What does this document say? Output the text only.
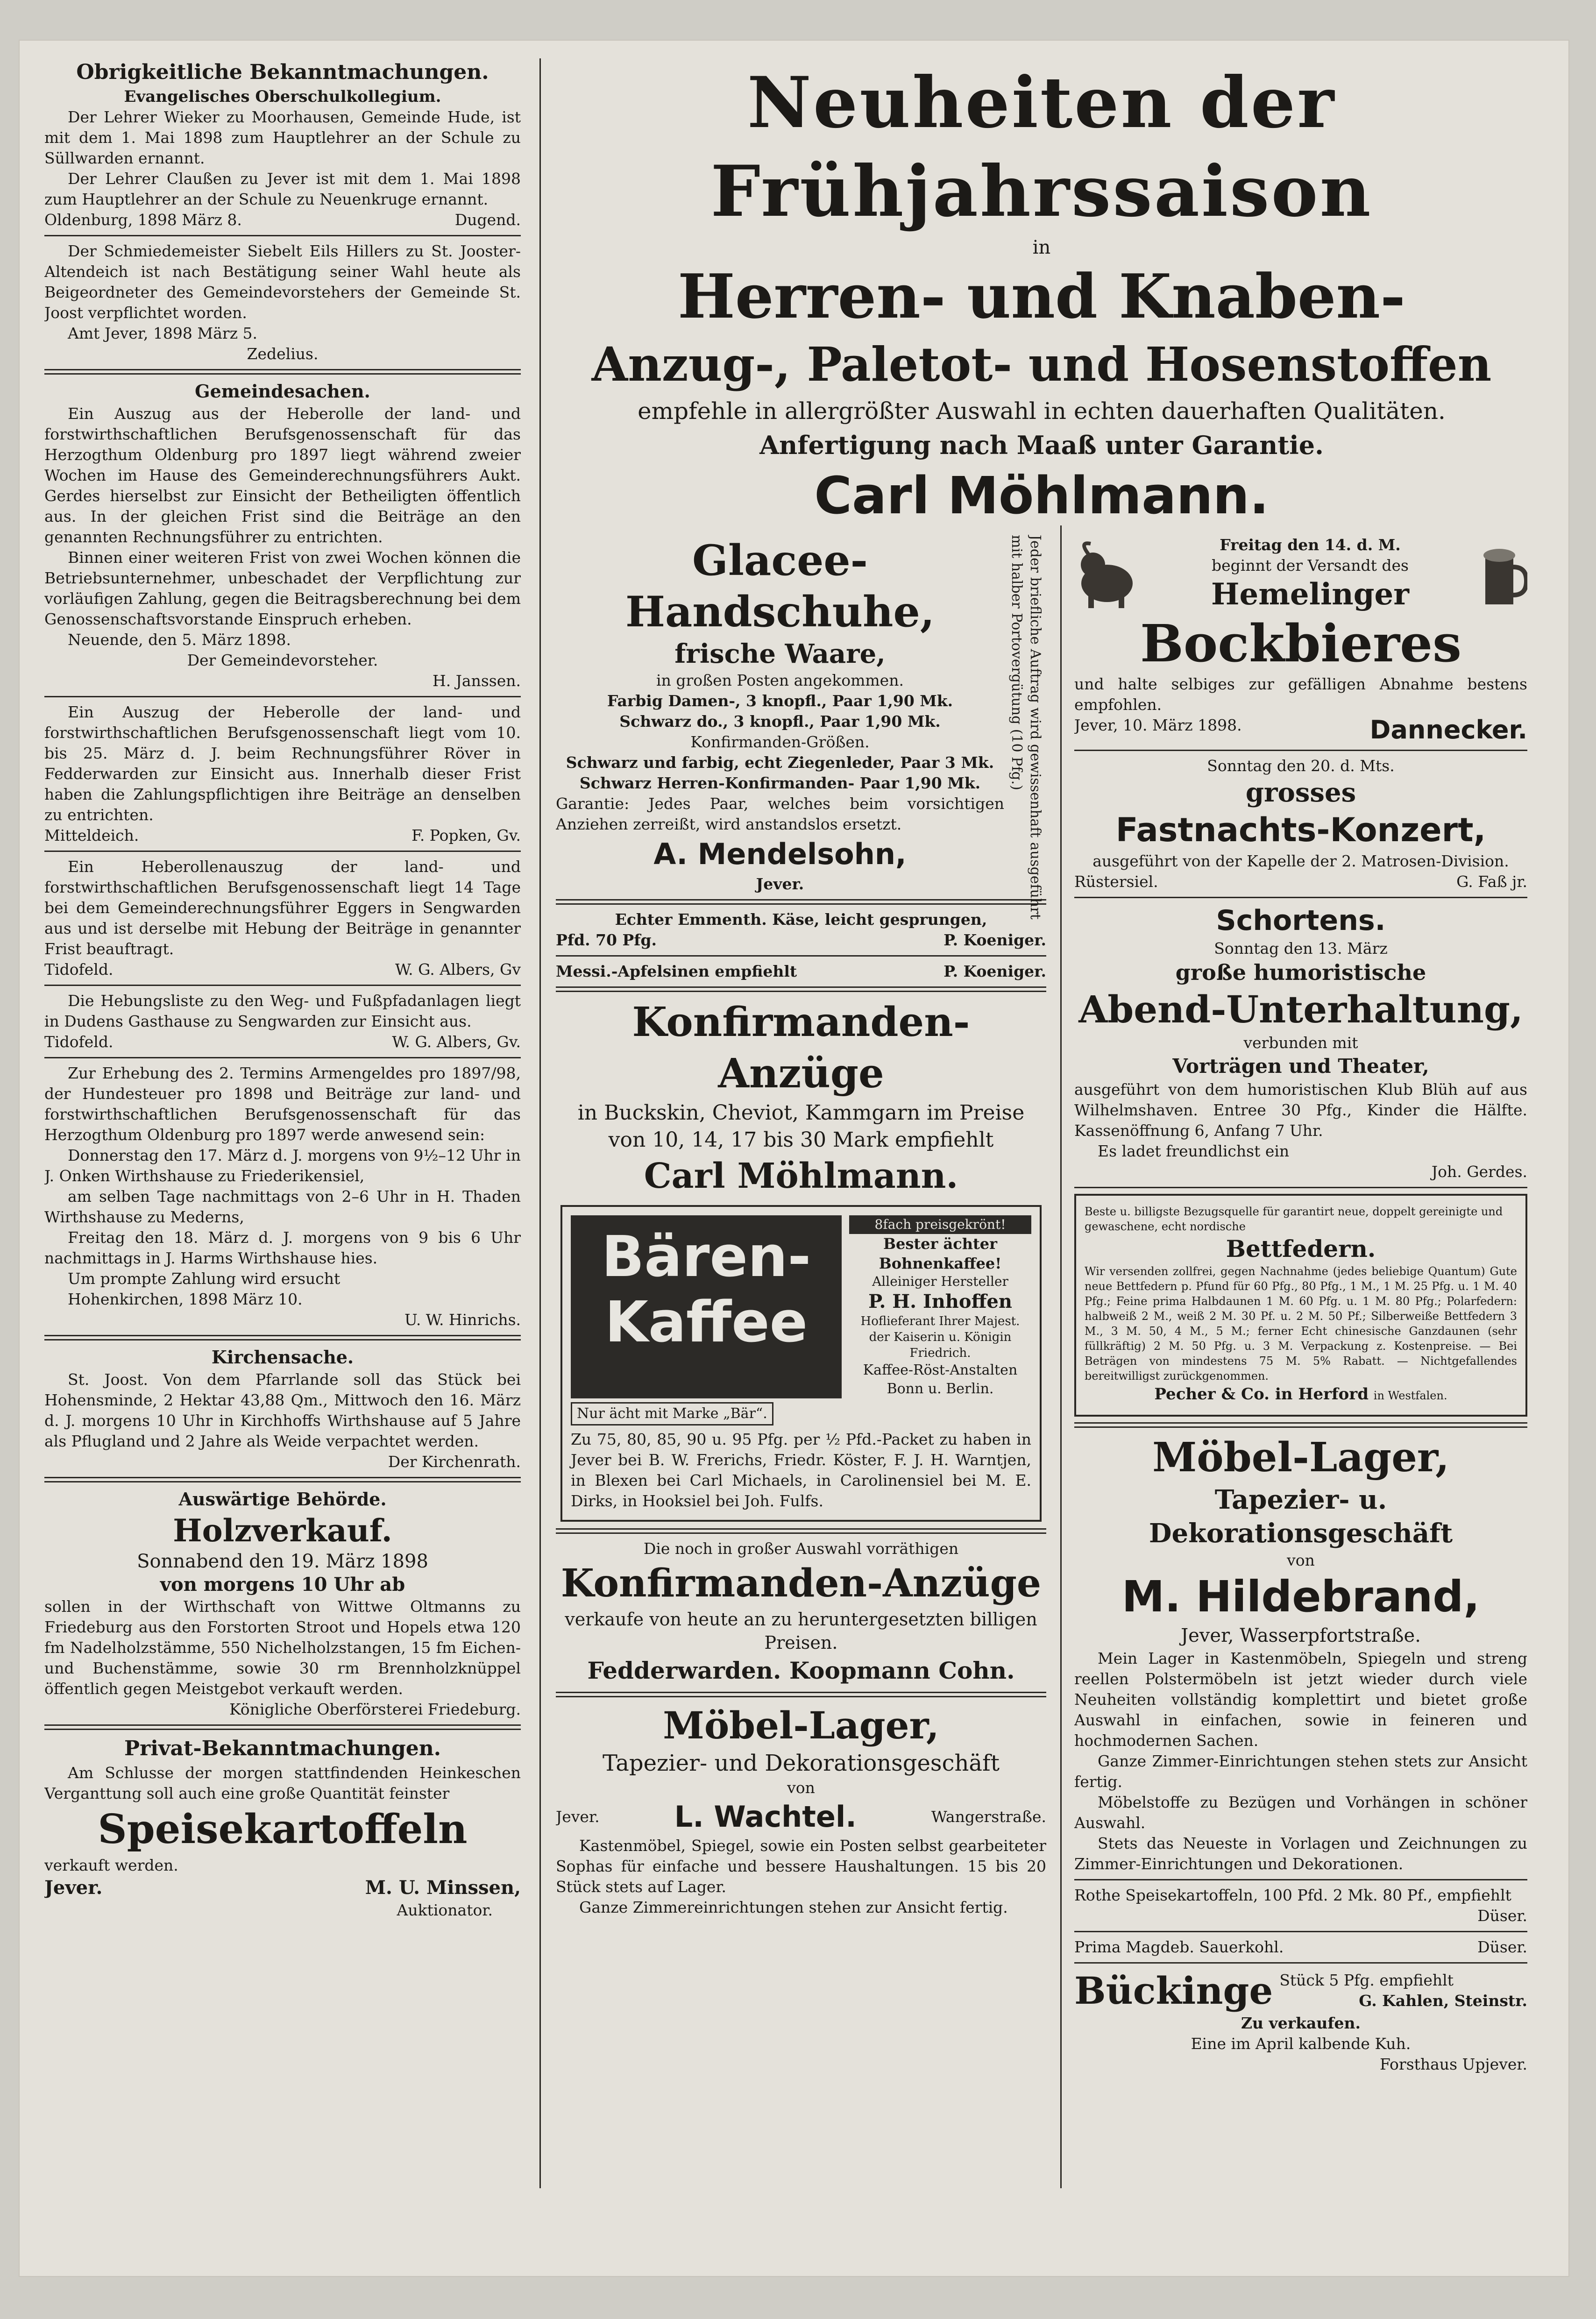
Obrigkeitliche Bekanntmachungen.

Evangelisches Oberschulkollegium.

Der Lehrer Wieker zu Moorhausen, Gemeinde Hude, ist mit dem 1. Mai 1898 zum Hauptlehrer an der Schule zu Süllwarden ernannt.

Der Lehrer Claußen zu Jever ist mit dem 1. Mai 1898 zum Hauptlehrer an der Schule zu Neuenkruge ernannt.

Oldenburg, 1898 März 8.	Dugend.

Der Schmiedemeister Siebelt Eils Hillers zu St. Jooster-Altendeich ist nach Bestätigung seiner Wahl heute als Beigeordneter des Gemeindevorstehers der Gemeinde St. Joost verpflichtet worden.

Amt Jever, 1898 März 5.

Zedelius.

Gemeindesachen.

Ein Auszug aus der Heberolle der land- und forstwirthschaftlichen Berufsgenossenschaft für das Herzogthum Oldenburg pro 1897 liegt während zweier Wochen im Hause des Gemeinderechnungsführers Aukt. Gerdes hierselbst zur Einsicht der Betheiligten öffentlich aus. In der gleichen Frist sind die Beiträge an den genannten Rechnungsführer zu entrichten.

Binnen einer weiteren Frist von zwei Wochen können die Betriebsunternehmer, unbeschadet der Verpflichtung zur vorläufigen Zahlung, gegen die Beitragsberechnung bei dem Genossenschaftsvorstande Einspruch erheben.

Neuende, den 5. März 1898.

Der Gemeindevorsteher.

H. Janssen.

Ein Auszug der Heberolle der land- und forstwirthschaftlichen Berufsgenossenschaft liegt vom 10. bis 25. März d. J. beim Rechnungsführer Röver in Fedderwarden zur Einsicht aus. Innerhalb dieser Frist haben die Zahlungspflichtigen ihre Beiträge an denselben zu entrichten.

Mitteldeich.	F. Popken, Gv.

Ein Heberollenauszug der land- und forstwirthschaftlichen Berufsgenossenschaft liegt 14 Tage bei dem Gemeinderechnungsführer Eggers in Sengwarden aus und ist derselbe mit Hebung der Beiträge in genannter Frist beauftragt.

Tidofeld.	W. G. Albers, Gv

Die Hebungsliste zu den Weg- und Fußpfadanlagen liegt in Dudens Gasthause zu Sengwarden zur Einsicht aus.

Tidofeld.	W. G. Albers, Gv.

Zur Erhebung des 2. Termins Armengeldes pro 1897/98, der Hundesteuer pro 1898 und Beiträge zur land- und forstwirthschaftlichen Berufsgenossenschaft für das Herzogthum Oldenburg pro 1897 werde anwesend sein:

Donnerstag den 17. März d. J. morgens von 9½–12 Uhr in J. Onken Wirthshause zu Friederikensiel,

am selben Tage nachmittags von 2–6 Uhr in H. Thaden Wirthshause zu Mederns,

Freitag den 18. März d. J. morgens von 9 bis 6 Uhr nachmittags in J. Harms Wirthshause hies.

Um prompte Zahlung wird ersucht

Hohenkirchen, 1898 März 10.

U. W. Hinrichs.

Kirchensache.

St. Joost. Von dem Pfarrlande soll das Stück bei Hohensminde, 2 Hektar 43,88 Qm., Mittwoch den 16. März d. J. morgens 10 Uhr in Kirchhoffs Wirthshause auf 5 Jahre als Pflugland und 2 Jahre als Weide verpachtet werden.

Der Kirchenrath.

Auswärtige Behörde.

Holzverkauf.

Sonnabend den 19. März 1898

von morgens 10 Uhr ab

sollen in der Wirthschaft von Wittwe Oltmanns zu Friedeburg aus den Forstorten Stroot und Hopels etwa 120 fm Nadelholzstämme, 550 Nichelholzstangen, 15 fm Eichen- und Buchenstämme, sowie 30 rm Brennholzknüppel öffentlich gegen Meistgebot verkauft werden.

Königliche Oberförsterei Friedeburg.

Privat-Bekanntmachungen.

Am Schlusse der morgen stattfindenden Heinkeschen Verganttung soll auch eine große Quantität feinster

Speisekartoffeln

verkauft werden.

Jever.	M. U. Minssen,

Auktionator.

Neuheiten der Frühjahrssaison

in

Herren- und Knaben-

Anzug-, Paletot- und Hosenstoffen

empfehle in allergrößter Auswahl in echten dauerhaften Qualitäten.

Anfertigung nach Maaß unter Garantie.

Carl Möhlmann.

Glacee-Handschuhe,

frische Waare,

in großen Posten angekommen.

Farbig Damen-, 3 knopfl., Paar 1,90 Mk.

Schwarz do., 3 knopfl., Paar 1,90 Mk.

Konfirmanden-Größen.

Schwarz und farbig, echt Ziegenleder, Paar 3 Mk.

Schwarz Herren-Konfirmanden- Paar 1,90 Mk.

Garantie: Jedes Paar, welches beim vorsichtigen Anziehen zerreißt, wird anstandslos ersetzt.

A. Mendelsohn,

Jever.	Jeder briefliche Auftrag wird gewissenhaft ausgeführt mit halber Portovergütung (10 Pfg.)

Echter Emmenth. Käse, leicht gesprungen,

Pfd. 70 Pfg.	P. Koeniger.
Messi.-Apfelsinen empfiehlt	P. Koeniger.

Konfirmanden-Anzüge

in Buckskin, Cheviot, Kammgarn im Preise von 10, 14, 17 bis 30 Mark empfiehlt

Carl Möhlmann.

Bären-Kaffee

8fach preisgekrönt!

Bester ächter Bohnenkaffee!

Alleiniger Hersteller

P. H. Inhoffen

Hoflieferant Ihrer Majest. der Kaiserin u. Königin Friedrich.

Kaffee-Röst-Anstalten Bonn u. Berlin.

Nur ächt mit Marke „Bär“.

Zu 75, 80, 85, 90 u. 95 Pfg. per ½ Pfd.-Packet zu haben in Jever bei B. W. Frerichs, Friedr. Köster, F. J. H. Warntjen, in Blexen bei Carl Michaels, in Carolinensiel bei M. E. Dirks, in Hooksiel bei Joh. Fulfs.

Die noch in großer Auswahl vorräthigen

Konfirmanden-Anzüge

verkaufe von heute an zu heruntergesetzten billigen Preisen.

Fedderwarden. Koopmann Cohn.

Möbel-Lager,

Tapezier- und Dekorationsgeschäft

von

Jever.	L. Wachtel.	Wangerstraße.

Kastenmöbel, Spiegel, sowie ein Posten selbst gearbeiteter Sophas für einfache und bessere Haushaltungen. 15 bis 20 Stück stets auf Lager.

Ganze Zimmereinrichtungen stehen zur Ansicht fertig.

Freitag den 14. d. M.

beginnt der Versandt des

Hemelinger

Bockbieres

und halte selbiges zur gefälligen Abnahme bestens empfohlen.

Jever, 10. März 1898.	Dannecker.

Sonntag den 20. d. Mts.

grosses

Fastnachts-Konzert,

ausgeführt von der Kapelle der 2. Matrosen-Division.

Rüstersiel.	G. Faß jr.

Schortens.

Sonntag den 13. März

große humoristische

Abend-Unterhaltung,

verbunden mit

Vorträgen und Theater,

ausgeführt von dem humoristischen Klub Blüh auf aus Wilhelmshaven. Entree 30 Pfg., Kinder die Hälfte. Kassenöffnung 6, Anfang 7 Uhr.

Es ladet freundlichst ein

Joh. Gerdes.

Beste u. billigste Bezugsquelle für garantirt neue, doppelt gereinigte und gewaschene, echt nordische

Bettfedern.

Wir versenden zollfrei, gegen Nachnahme (jedes beliebige Quantum) Gute neue Bettfedern p. Pfund für 60 Pfg., 80 Pfg., 1 M., 1 M. 25 Pfg. u. 1 M. 40 Pfg.; Feine prima Halbdaunen 1 M. 60 Pfg. u. 1 M. 80 Pfg.; Polarfedern: halbweiß 2 M., weiß 2 M. 30 Pf. u. 2 M. 50 Pf.; Silberweiße Bettfedern 3 M., 3 M. 50, 4 M., 5 M.; ferner Echt chinesische Ganzdaunen (sehr füllkräftig) 2 M. 50 Pfg. u. 3 M. Verpackung z. Kostenpreise. — Bei Beträgen von mindestens 75 M. 5% Rabatt. — Nichtgefallendes bereitwilligst zurückgenommen.

Pecher & Co. in Herford in Westfalen.

Möbel-Lager,

Tapezier- u. Dekorationsgeschäft

von

M. Hildebrand,

Jever, Wasserpfortstraße.

Mein Lager in Kastenmöbeln, Spiegeln und streng reellen Polstermöbeln ist jetzt wieder durch viele Neuheiten vollständig komplettirt und bietet große Auswahl in einfachen, sowie in feineren und hochmodernen Sachen.

Ganze Zimmer-Einrichtungen stehen stets zur Ansicht fertig.

Möbelstoffe zu Bezügen und Vorhängen in schöner Auswahl.

Stets das Neueste in Vorlagen und Zeichnungen zu Zimmer-Einrichtungen und Dekorationen.

Rothe Speisekartoffeln, 100 Pfd. 2 Mk. 80 Pf., empfiehlt

Düser.

Prima Magdeb. Sauerkohl.	Düser.
Bückinge Stück 5 Pfg. empfiehlt

G. Kahlen, Steinstr.

Zu verkaufen.

Eine im April kalbende Kuh.

Forsthaus Upjever.
